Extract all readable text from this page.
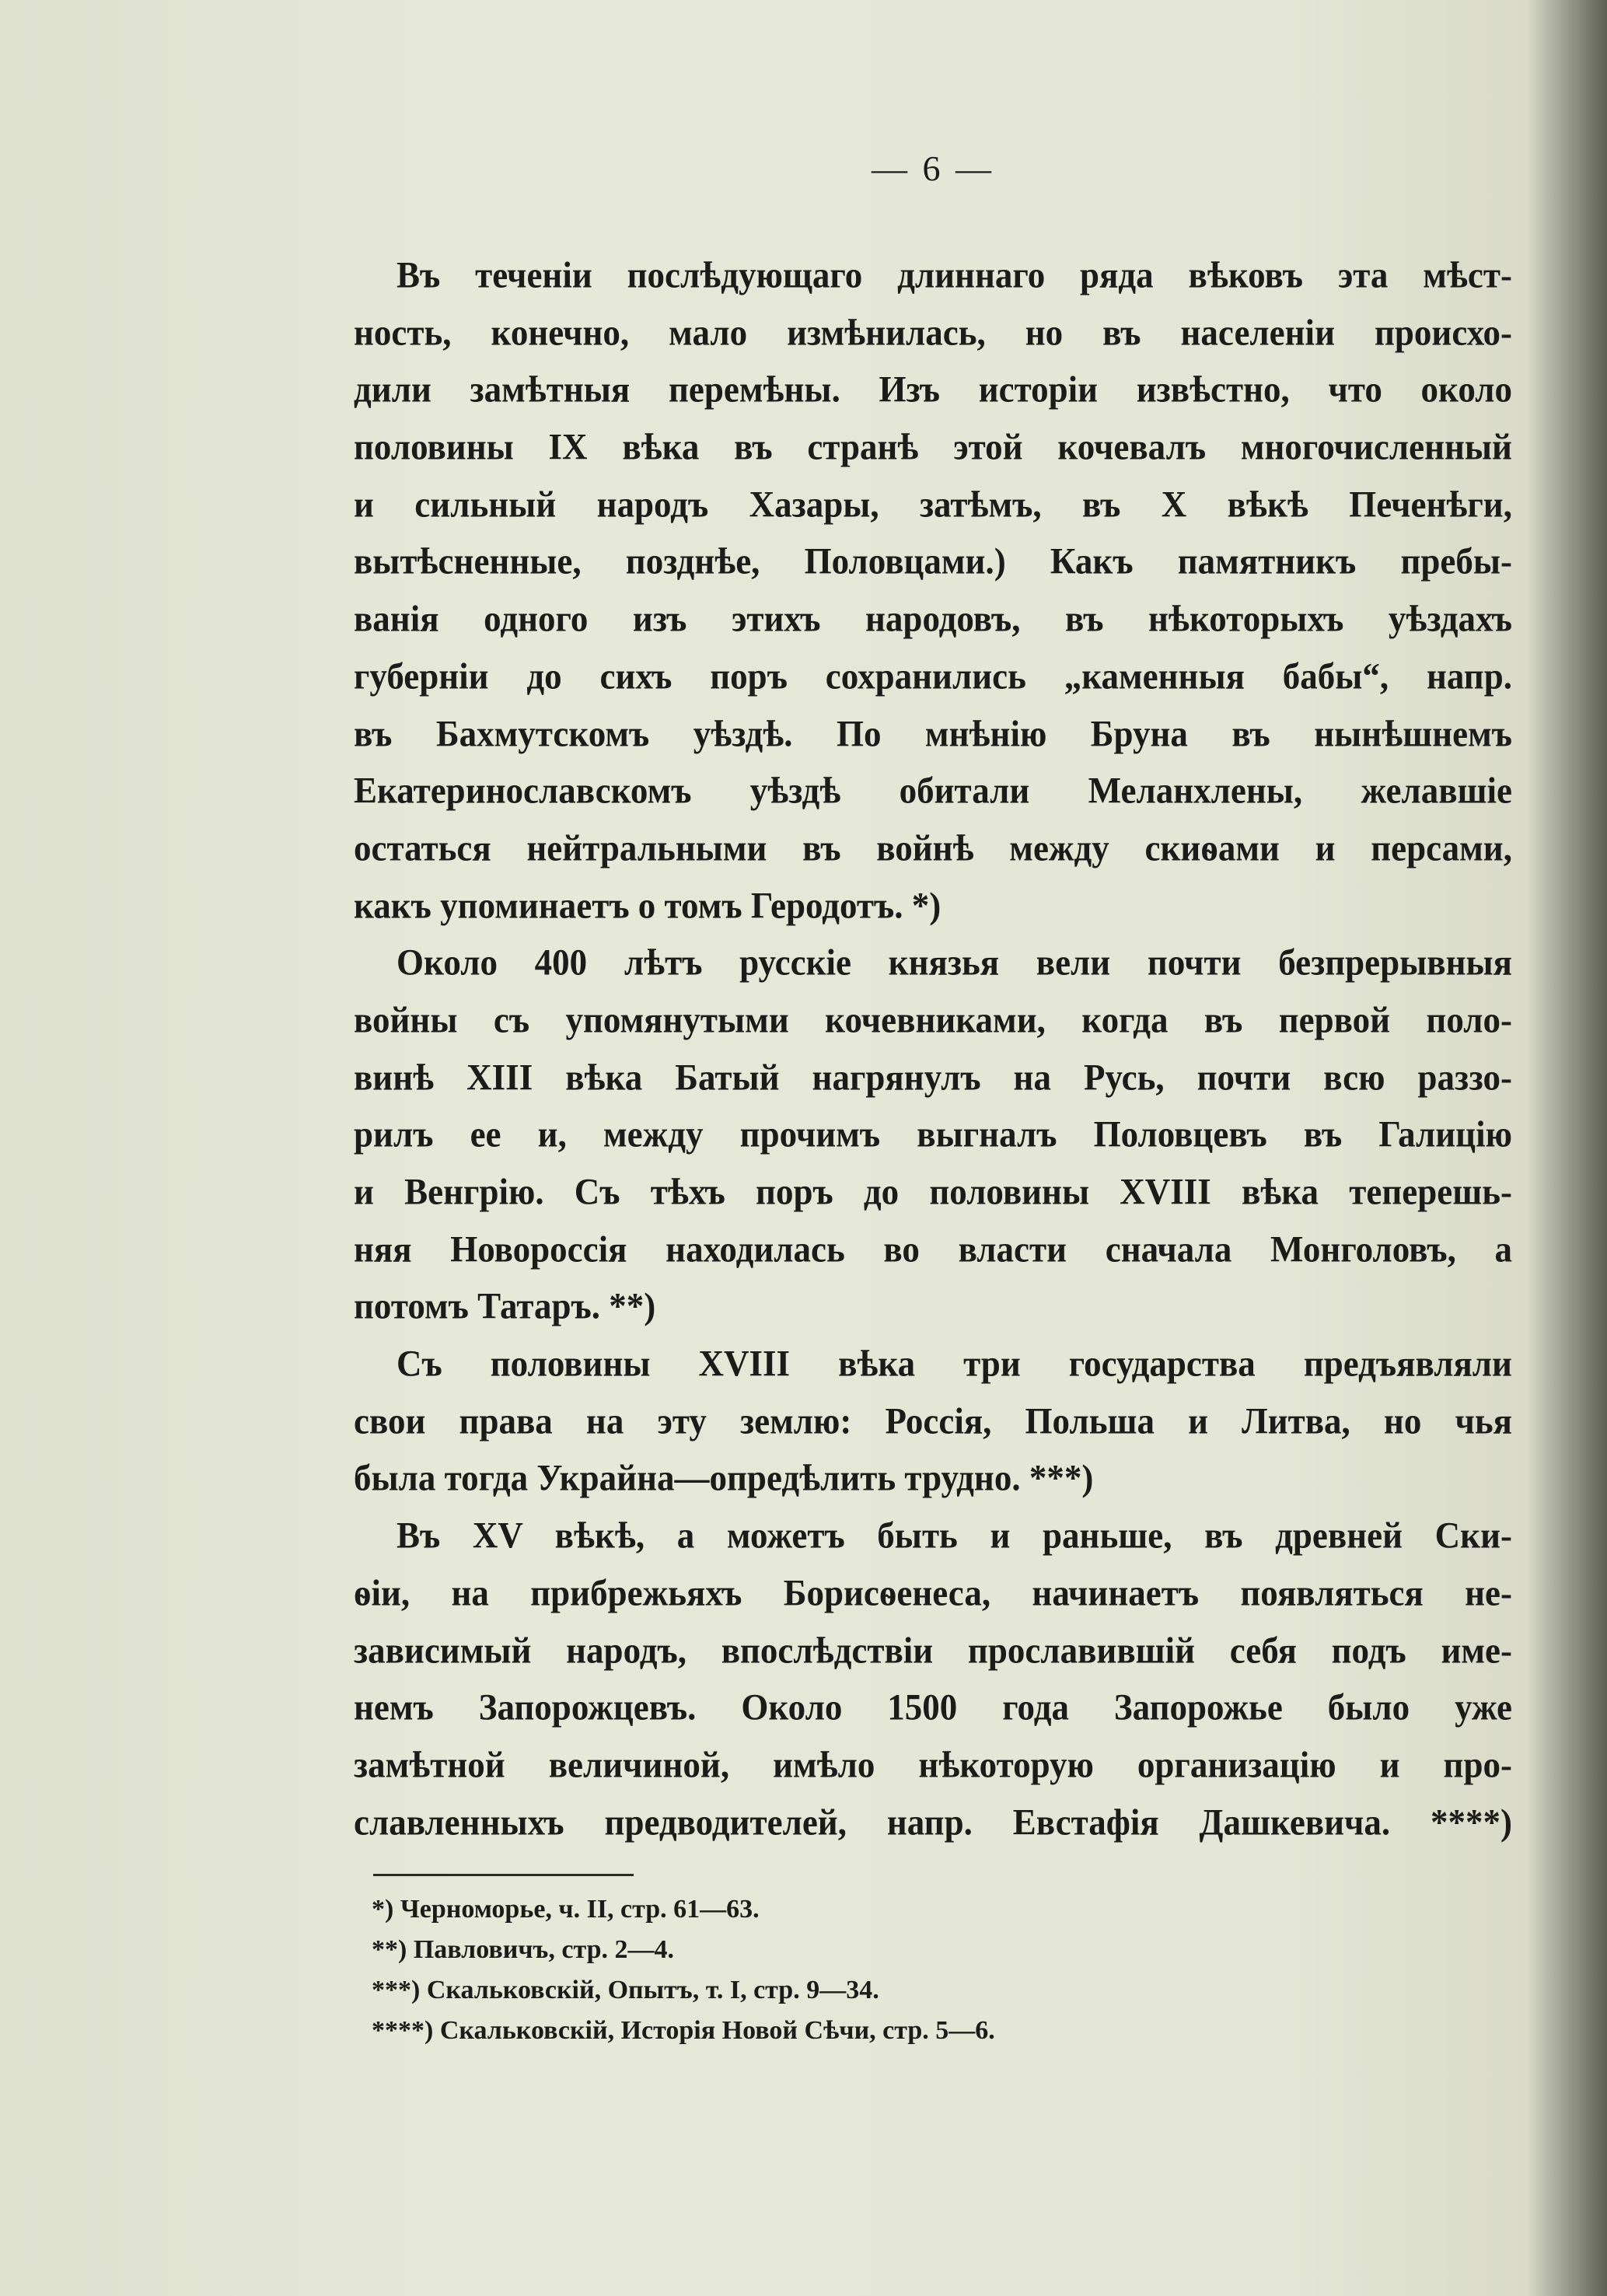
— 6 —
Въ теченіи послѣдующаго длиннаго ряда вѣковъ эта мѣст-
ность, конечно, мало измѣнилась, но въ населеніи происхо-
дили замѣтныя перемѣны. Изъ исторіи извѣстно, что около
половины IX вѣка въ странѣ этой кочевалъ многочисленный
и сильный народъ Хазары, затѣмъ, въ X вѣкѣ Печенѣги,
вытѣсненные, позднѣе, Половцами.) Какъ памятникъ пребы-
ванія одного изъ этихъ народовъ, въ нѣкоторыхъ уѣздахъ
губерніи до сихъ поръ сохранились „каменныя бабы“, напр.
въ Бахмутскомъ уѣздѣ. По мнѣнію Бруна въ нынѣшнемъ
Екатеринославскомъ уѣздѣ обитали Меланхлены, желавшіе
остаться нейтральными въ войнѣ между скиѳами и персами,
какъ упоминаетъ о томъ Геродотъ. *)
Около 400 лѣтъ русскіе князья вели почти безпрерывныя
войны съ упомянутыми кочевниками, когда въ первой поло-
винѣ XIII вѣка Батый нагрянулъ на Русь, почти всю раззо-
рилъ ее и, между прочимъ выгналъ Половцевъ въ Галицію
и Венгрію. Съ тѣхъ поръ до половины XVIII вѣка теперешь-
няя Новороссія находилась во власти сначала Монголовъ, а
потомъ Татаръ. **)
Съ половины XVIII вѣка три государства предъявляли
свои права на эту землю: Россія, Польша и Литва, но чья
была тогда Украйна—опредѣлить трудно. ***)
Въ XV вѣкѣ, а можетъ быть и раньше, въ древней Ски-
ѳіи, на прибрежьяхъ Борисѳенеса, начинаетъ появляться не-
зависимый народъ, впослѣдствіи прославившій себя подъ име-
немъ Запорожцевъ. Около 1500 года Запорожье было уже
замѣтной величиной, имѣло нѣкоторую организацію и про-
славленныхъ предводителей, напр. Евстафія Дашкевича. ****)
*) Черноморье, ч. II, стр. 61—63.
**) Павловичъ, стр. 2—4.
***) Скальковскій, Опытъ, т. I, стр. 9—34.
****) Скальковскій, Исторія Новой Сѣчи, стр. 5—6.
